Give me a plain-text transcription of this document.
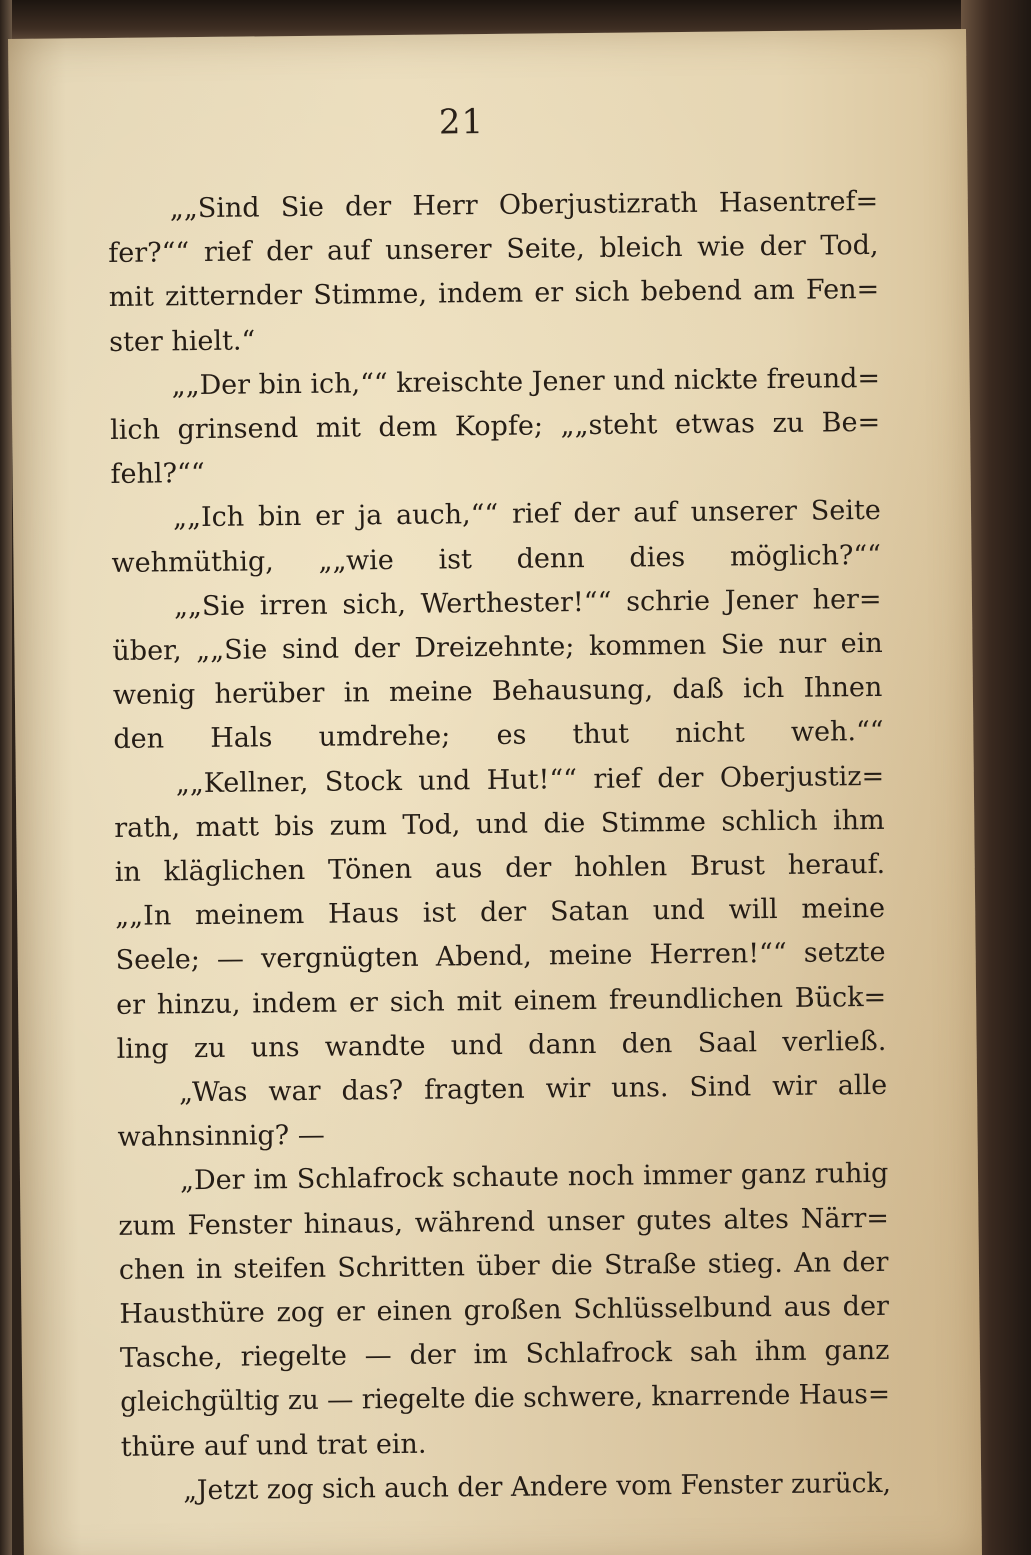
21
„„Sind Sie der Herr Oberjustizrath Hasentref=
fer?““ rief der auf unserer Seite, bleich wie der Tod,
mit zitternder Stimme, indem er sich bebend am Fen=
ster hielt.“
„„Der bin ich,““ kreischte Jener und nickte freund=
lich grinsend mit dem Kopfe; „„steht etwas zu Be=
fehl?““
„„Ich bin er ja auch,““ rief der auf unserer Seite
wehmüthig, „„wie ist denn dies möglich?““
„„Sie irren sich, Werthester!““ schrie Jener her=
über, „„Sie sind der Dreizehnte; kommen Sie nur ein
wenig herüber in meine Behausung, daß ich Ihnen
den Hals umdrehe; es thut nicht weh.““
„„Kellner, Stock und Hut!““ rief der Oberjustiz=
rath, matt bis zum Tod, und die Stimme schlich ihm
in kläglichen Tönen aus der hohlen Brust herauf.
„„In meinem Haus ist der Satan und will meine
Seele; — vergnügten Abend, meine Herren!““ setzte
er hinzu, indem er sich mit einem freundlichen Bück=
ling zu uns wandte und dann den Saal verließ.
„Was war das? fragten wir uns. Sind wir alle
wahnsinnig? —
„Der im Schlafrock schaute noch immer ganz ruhig
zum Fenster hinaus, während unser gutes altes Närr=
chen in steifen Schritten über die Straße stieg. An der
Hausthüre zog er einen großen Schlüsselbund aus der
Tasche, riegelte — der im Schlafrock sah ihm ganz
gleichgültig zu — riegelte die schwere, knarrende Haus=
thüre auf und trat ein.
„Jetzt zog sich auch der Andere vom Fenster zurück,
